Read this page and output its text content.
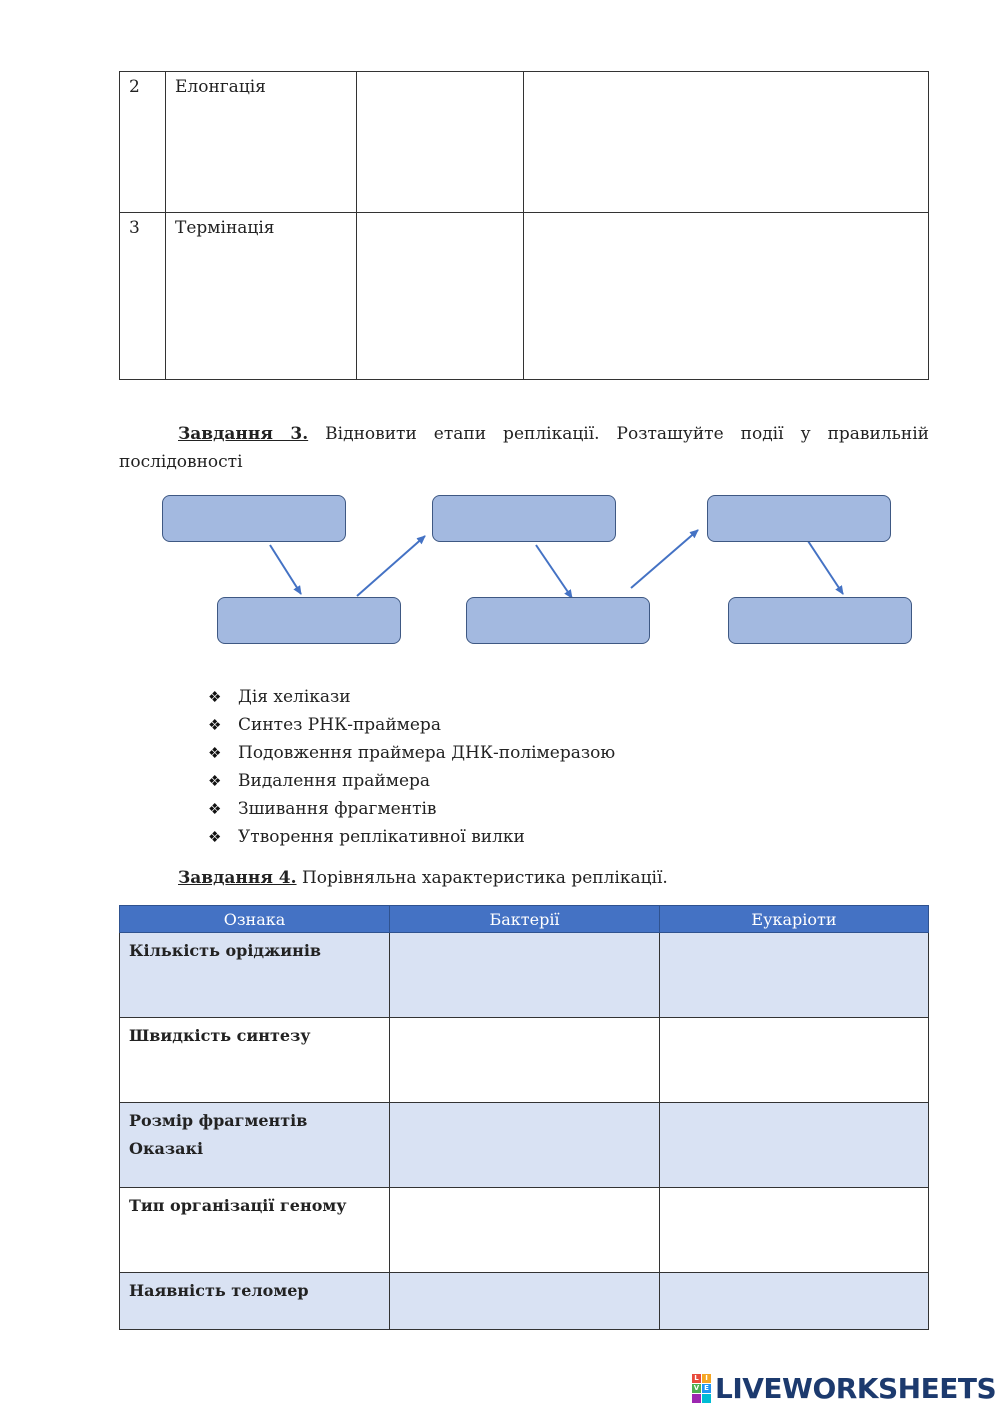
2	Елонгація		
3	Термінація		
Завдання 3. Відновити етапи реплікації. Розташуйте події у правильній послідовності
❖ Дія хелікази
❖ Синтез РНК-праймера
❖ Подовження праймера ДНК-полімеразою
❖ Видалення праймера
❖ Зшивання фрагментів
❖ Утворення реплікативної вилки
Завдання 4. Порівняльна характеристика реплікації.
Ознака	Бактерії	Еукаріоти
Кількість оріджинів		
Швидкість синтезу		
Розмір фрагментів Оказакі		
Тип організації геному		
Наявність теломер		
L I
V E LIVEWORKSHEETS
